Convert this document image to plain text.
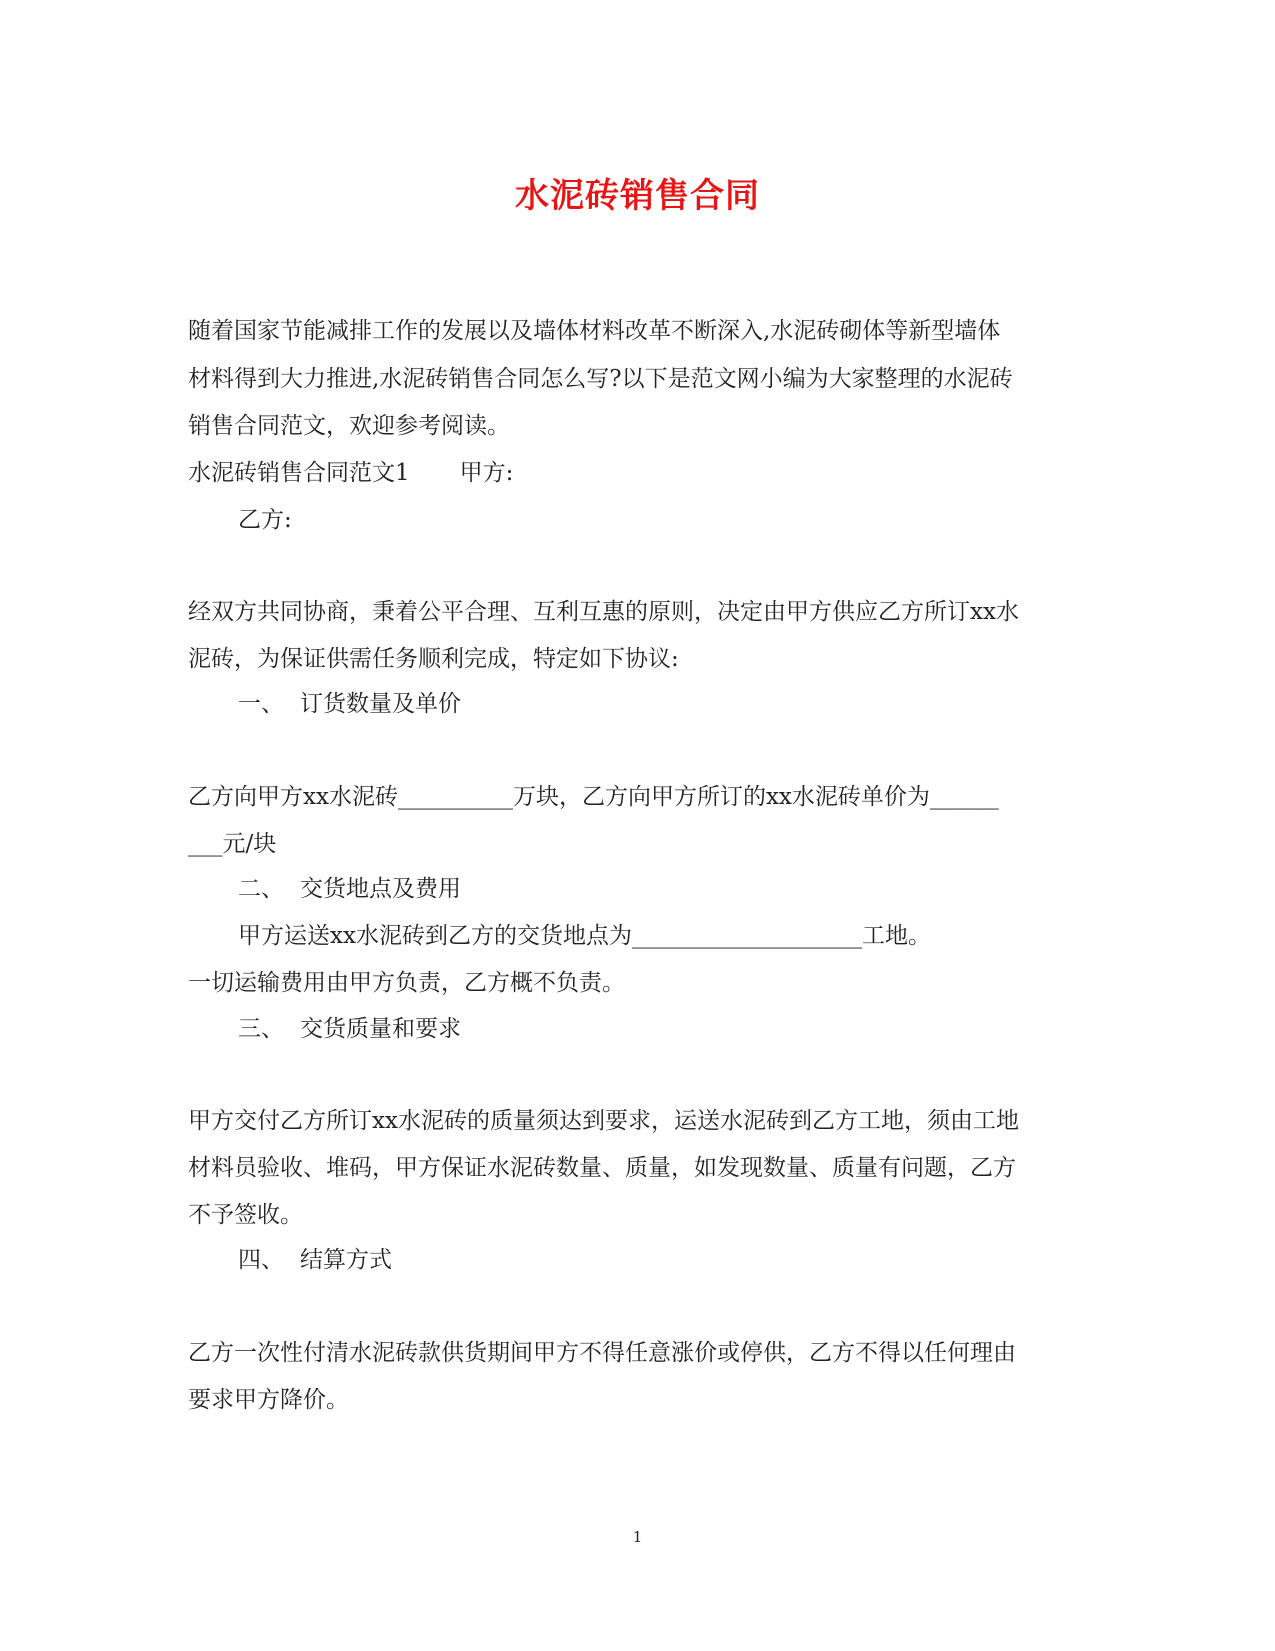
水泥砖销售合同

随着国家节能减排工作的发展以及墙体材料改革不断深入,水泥砖砌体等新型墙体

材料得到大力推进,水泥砖销售合同怎么写?以下是范文网小编为大家整理的水泥砖

销售合同范文，欢迎参考阅读。

水泥砖销售合同范文1 甲方:

乙方:

经双方共同协商，秉着公平合理、互利互惠的原则，决定由甲方供应乙方所订xx水

泥砖，为保证供需任务顺利完成，特定如下协议:

一、 订货数量及单价

乙方向甲方xx水泥砖__________万块，乙方向甲方所订的xx水泥砖单价为______

___元/块

二、 交货地点及费用

甲方运送xx水泥砖到乙方的交货地点为____________________工地。

一切运输费用由甲方负责，乙方概不负责。

三、 交货质量和要求

甲方交付乙方所订xx水泥砖的质量须达到要求，运送水泥砖到乙方工地，须由工地

材料员验收、堆码，甲方保证水泥砖数量、质量，如发现数量、质量有问题，乙方

不予签收。

四、 结算方式

乙方一次性付清水泥砖款供货期间甲方不得任意涨价或停供，乙方不得以任何理由

要求甲方降价。

1
